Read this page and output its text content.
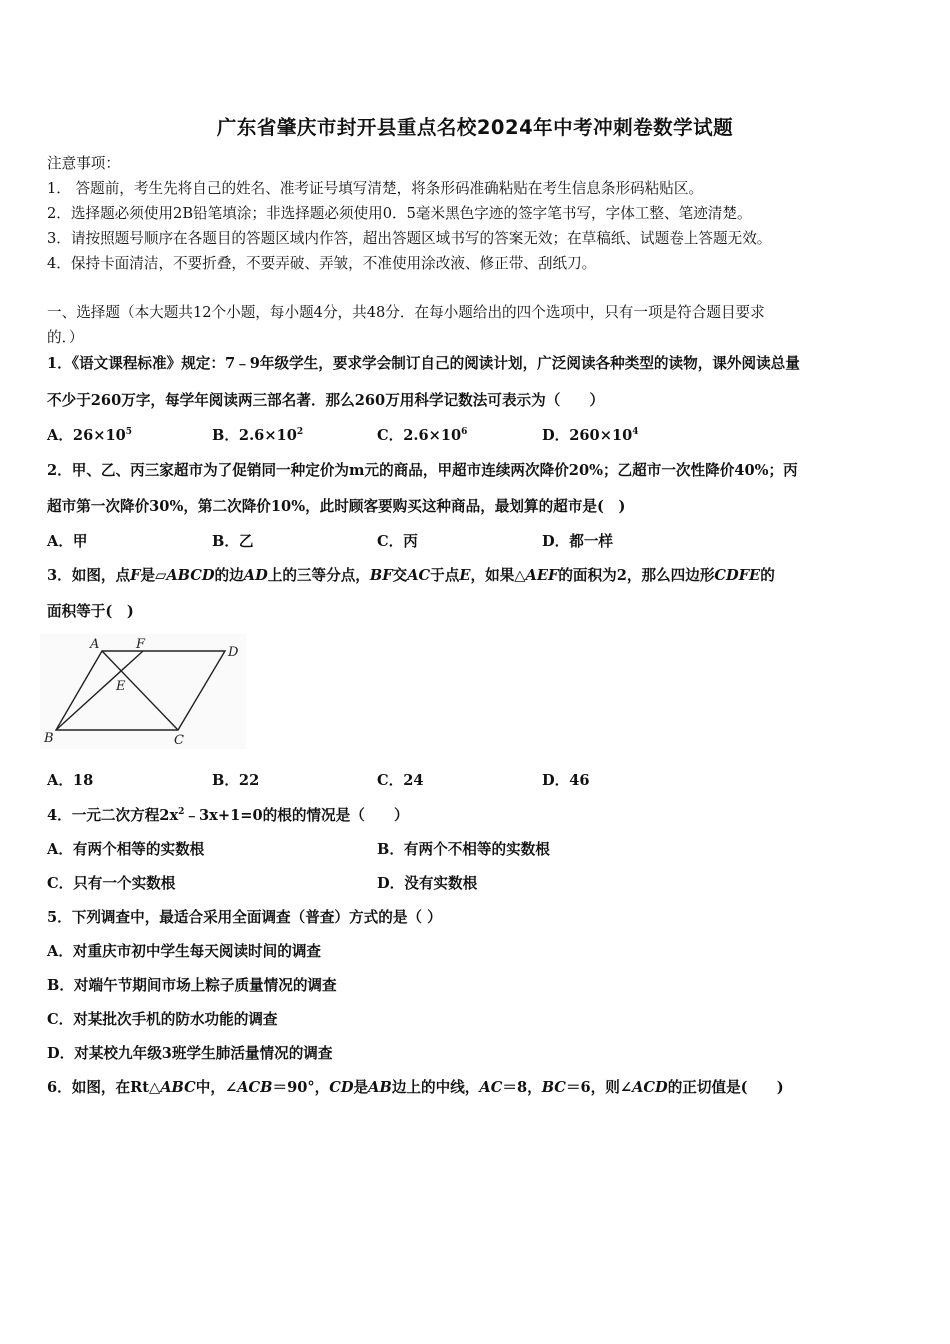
广东省肇庆市封开县重点名校2024年中考冲刺卷数学试题
注意事项：
1． 答题前，考生先将自己的姓名、准考证号填写清楚，将条形码准确粘贴在考生信息条形码粘贴区。
2．选择题必须使用2B铅笔填涂；非选择题必须使用0．5毫米黑色字迹的签字笔书写，字体工整、笔迹清楚。
3．请按照题号顺序在各题目的答题区域内作答，超出答题区域书写的答案无效；在草稿纸、试题卷上答题无效。
4．保持卡面清洁，不要折叠，不要弄破、弄皱，不准使用涂改液、修正带、刮纸刀。
一、选择题（本大题共12个小题，每小题4分，共48分．在每小题给出的四个选项中，只有一项是符合题目要求
的．）
1．《语文课程标准》规定：7﹣9年级学生，要求学会制订自己的阅读计划，广泛阅读各种类型的读物，课外阅读总量
不少于260万字，每学年阅读两三部名著．那么260万用科学记数法可表示为（　　）
A．$26\times 10^5$	B．$2.6\times 10^2$	C．$2.6\times 10^6$	D．$260\times 10^4$
2．甲、乙、丙三家超市为了促销同一种定价为m元的商品，甲超市连续两次降价20%；乙超市一次性降价40%；丙
超市第一次降价30%，第二次降价10%，此时顾客要购买这种商品，最划算的超市是(　)
A．甲	B．乙	C．丙	D．都一样
3．如图，点F是▱ABCD的边AD上的三等分点，BF交AC于点E，如果△AEF的面积为2，那么四边形CDFE的
面积等于(　)
A	F
D
E
B	C
A．18	B．22	C．24	D．46
4．一元二次方程$2x^2﹣3x+1=0$的根的情况是（　　）
A．有两个相等的实数根	B．有两个不相等的实数根
C．只有一个实数根	D．没有实数根
5．下列调查中，最适合采用全面调查（普查）方式的是（ ）
A．对重庆市初中学生每天阅读时间的调查
B．对端午节期间市场上粽子质量情况的调查
C．对某批次手机的防水功能的调查
D．对某校九年级3班学生肺活量情况的调查
6．如图，在Rt△ABC中，∠ACB＝90°，CD是AB边上的中线，AC＝8，BC＝6，则∠ACD的正切值是(　　)
